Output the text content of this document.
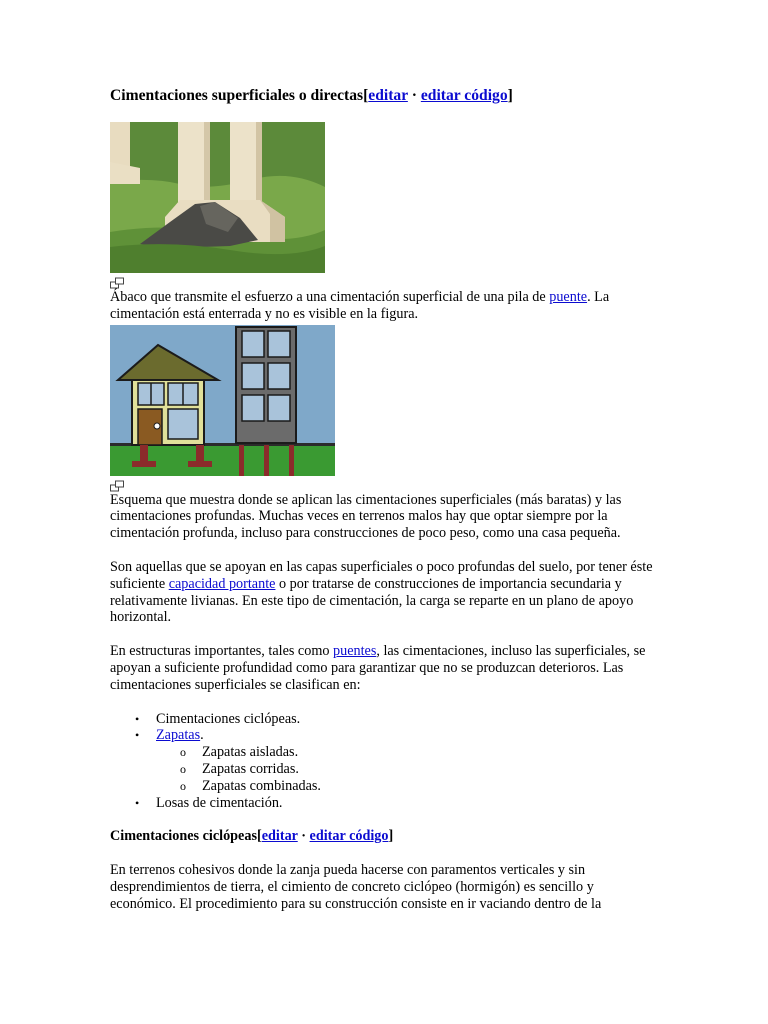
Cimentaciones superficiales o directas[editar · editar código]

Ábaco que transmite el esfuerzo a una cimentación superficial de una pila de puente. La cimentación está enterrada y no es visible en la figura.

Esquema que muestra donde se aplican las cimentaciones superficiales (más baratas) y las cimentaciones profundas. Muchas veces en terrenos malos hay que optar siempre por la cimentación profunda, incluso para construcciones de poco peso, como una casa pequeña.

Son aquellas que se apoyan en las capas superficiales o poco profundas del suelo, por tener éste suficiente capacidad portante o por tratarse de construcciones de importancia secundaria y relativamente livianas. En este tipo de cimentación, la carga se reparte en un plano de apoyo horizontal.

En estructuras importantes, tales como puentes, las cimentaciones, incluso las superficiales, se apoyan a suficiente profundidad como para garantizar que no se produzcan deterioros. Las cimentaciones superficiales se clasifican en:

• Cimentaciones ciclópeas.
• Zapatas.
o Zapatas aisladas.
o Zapatas corridas.
o Zapatas combinadas.
• Losas de cimentación.
Cimentaciones ciclópeas[editar · editar código]

En terrenos cohesivos donde la zanja pueda hacerse con paramentos verticales y sin desprendimientos de tierra, el cimiento de concreto ciclópeo (hormigón) es sencillo y económico. El procedimiento para su construcción consiste en ir vaciando dentro de la
